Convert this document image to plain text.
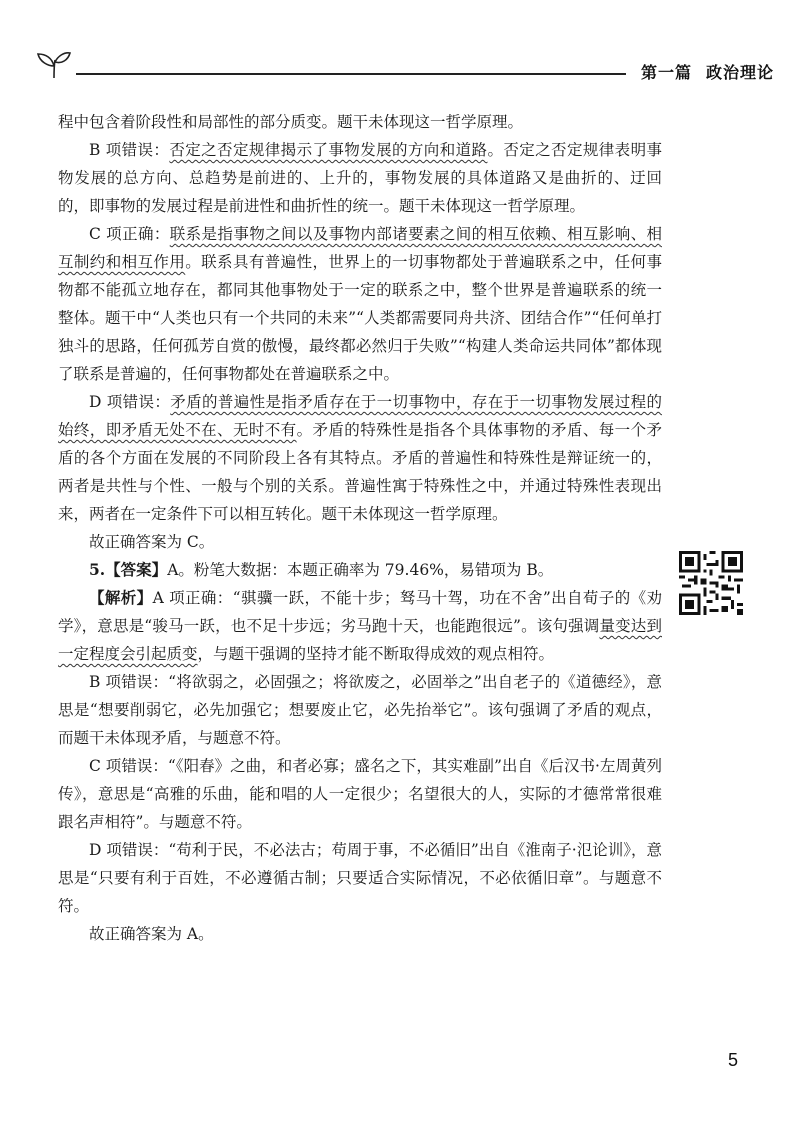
第一篇 政治理论

程中包含着阶段性和局部性的部分质变。题干未体现这一哲学原理。

B 项错误：否定之否定规律揭示了事物发展的方向和道路。否定之否定规律表明事物发展的总方向、总趋势是前进的、上升的，事物发展的具体道路又是曲折的、迂回的，即事物的发展过程是前进性和曲折性的统一。题干未体现这一哲学原理。

C 项正确：联系是指事物之间以及事物内部诸要素之间的相互依赖、相互影响、相互制约和相互作用。联系具有普遍性，世界上的一切事物都处于普遍联系之中，任何事物都不能孤立地存在，都同其他事物处于一定的联系之中，整个世界是普遍联系的统一整体。题干中“人类也只有一个共同的未来”“人类都需要同舟共济、团结合作”“任何单打独斗的思路，任何孤芳自赏的傲慢，最终都必然归于失败”“构建人类命运共同体”都体现了联系是普遍的，任何事物都处在普遍联系之中。

D 项错误：矛盾的普遍性是指矛盾存在于一切事物中，存在于一切事物发展过程的始终，即矛盾无处不在、无时不有。矛盾的特殊性是指各个具体事物的矛盾、每一个矛盾的各个方面在发展的不同阶段上各有其特点。矛盾的普遍性和特殊性是辩证统一的，两者是共性与个性、一般与个别的关系。普遍性寓于特殊性之中，并通过特殊性表现出来，两者在一定条件下可以相互转化。题干未体现这一哲学原理。

故正确答案为 C。

5.【答案】A。粉笔大数据：本题正确率为 79.46%，易错项为 B。

【解析】A 项正确：“骐骥一跃，不能十步；驽马十驾，功在不舍”出自荀子的《劝学》，意思是“骏马一跃，也不足十步远；劣马跑十天，也能跑很远”。该句强调量变达到一定程度会引起质变，与题干强调的坚持才能不断取得成效的观点相符。

B 项错误：“将欲弱之，必固强之；将欲废之，必固举之”出自老子的《道德经》，意思是“想要削弱它，必先加强它；想要废止它，必先抬举它”。该句强调了矛盾的观点，而题干未体现矛盾，与题意不符。

C 项错误：“《阳春》之曲，和者必寡；盛名之下，其实难副”出自《后汉书·左周黄列传》，意思是“高雅的乐曲，能和唱的人一定很少；名望很大的人，实际的才德常常很难跟名声相符”。与题意不符。

D 项错误：“苟利于民，不必法古；苟周于事，不必循旧”出自《淮南子·氾论训》，意思是“只要有利于百姓，不必遵循古制；只要适合实际情况，不必依循旧章”。与题意不符。

故正确答案为 A。

5
